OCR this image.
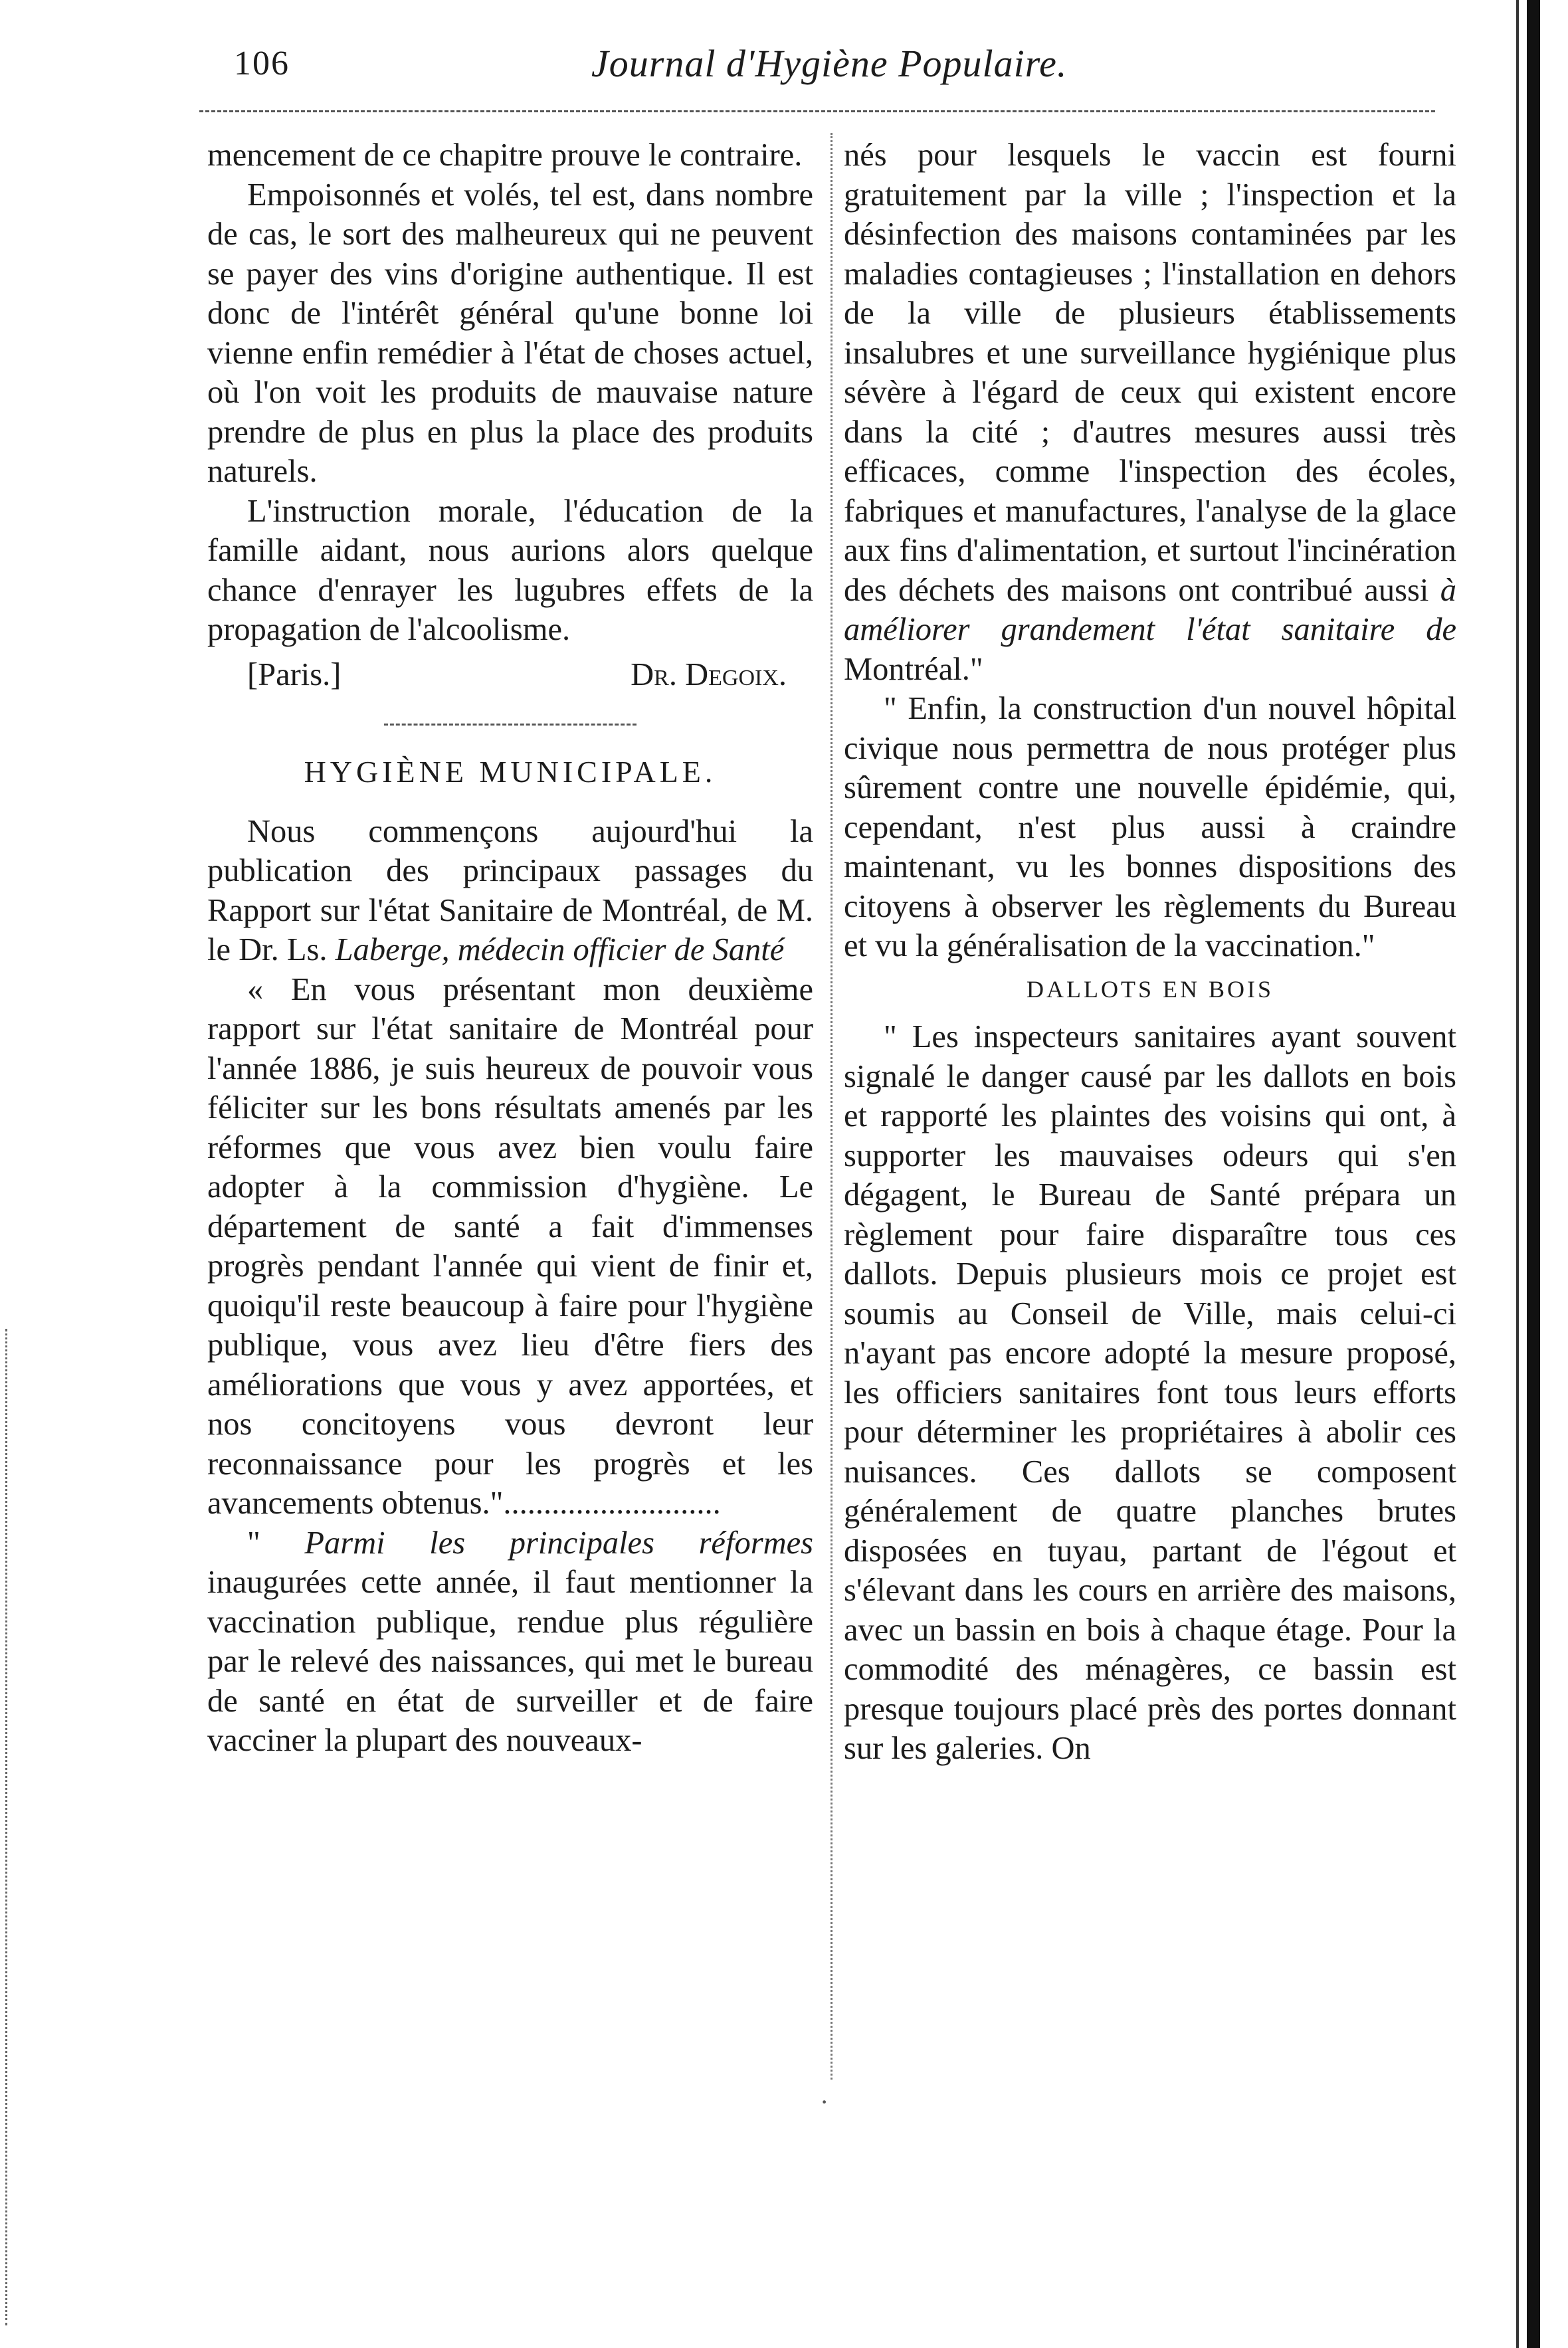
106	Journal d'Hygiène Populaire.

mencement de ce chapitre prouve le contraire.

Empoisonnés et volés, tel est, dans nombre de cas, le sort des malheureux qui ne peuvent se payer des vins d'origine authentique. Il est donc de l'intérêt général qu'une bonne loi vienne enfin remédier à l'état de choses actuel, où l'on voit les produits de mauvaise nature prendre de plus en plus la place des produits naturels.

L'instruction morale, l'éducation de la famille aidant, nous aurions alors quelque chance d'enrayer les lugubres effets de la propagation de l'alcoolisme.

[Paris.]	Dr. Degoix.
HYGIÈNE MUNICIPALE.

Nous commençons aujourd'hui la publication des principaux passages du Rapport sur l'état Sanitaire de Montréal, de M. le Dr. Ls. Laberge, médecin officier de Santé

« En vous présentant mon deuxième rapport sur l'état sanitaire de Montréal pour l'année 1886, je suis heureux de pouvoir vous féliciter sur les bons résultats amenés par les réformes que vous avez bien voulu faire adopter à la commission d'hygiène. Le département de santé a fait d'immenses progrès pendant l'année qui vient de finir et, quoiqu'il reste beaucoup à faire pour l'hygiène publique, vous avez lieu d'être fiers des améliorations que vous y avez apportées, et nos concitoyens vous devront leur reconnaissance pour les progrès et les avancements obtenus."...........................

" Parmi les principales réformes inaugurées cette année, il faut mentionner la vaccination publique, rendue plus régulière par le relevé des naissances, qui met le bureau de santé en état de surveiller et de faire vacciner la plupart des nouveaux-

nés pour lesquels le vaccin est fourni gratuitement par la ville ; l'inspection et la désinfection des maisons contaminées par les maladies contagieuses ; l'installation en dehors de la ville de plusieurs établissements insalubres et une surveillance hygiénique plus sévère à l'égard de ceux qui existent encore dans la cité ; d'autres mesures aussi très efficaces, comme l'inspection des écoles, fabriques et manufactures, l'analyse de la glace aux fins d'alimentation, et surtout l'incinération des déchets des maisons ont contribué aussi à améliorer grandement l'état sanitaire de Montréal."

" Enfin, la construction d'un nouvel hôpital civique nous permettra de nous protéger plus sûrement contre une nouvelle épidémie, qui, cependant, n'est plus aussi à craindre maintenant, vu les bonnes dispositions des citoyens à observer les règlements du Bureau et vu la généralisation de la vaccination."

DALLOTS EN BOIS

" Les inspecteurs sanitaires ayant souvent signalé le danger causé par les dallots en bois et rapporté les plaintes des voisins qui ont, à supporter les mauvaises odeurs qui s'en dégagent, le Bureau de Santé prépara un règlement pour faire disparaître tous ces dallots. Depuis plusieurs mois ce projet est soumis au Conseil de Ville, mais celui-ci n'ayant pas encore adopté la mesure proposé, les officiers sanitaires font tous leurs efforts pour déterminer les propriétaires à abolir ces nuisances. Ces dallots se composent généralement de quatre planches brutes disposées en tuyau, partant de l'égout et s'élevant dans les cours en arrière des maisons, avec un bassin en bois à chaque étage. Pour la commodité des ménagères, ce bassin est presque toujours placé près des portes donnant sur les galeries. On

·
